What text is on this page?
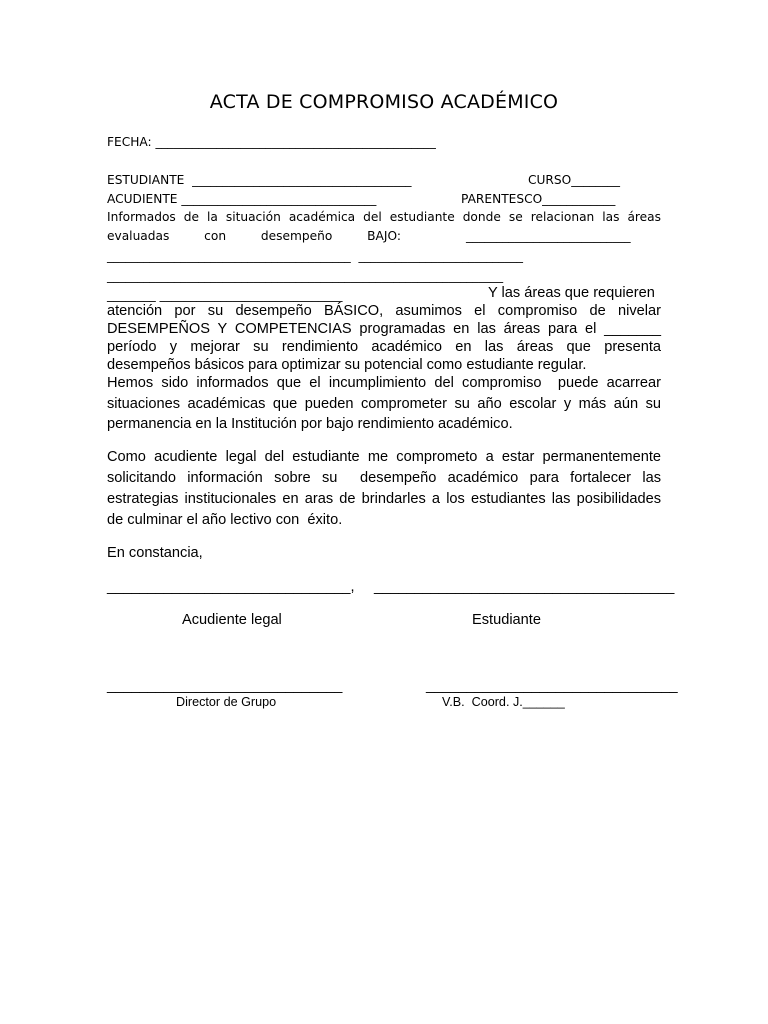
ACTA DE COMPROMISO ACADÉMICO
FECHA: ______________________________________________
ESTUDIANTE  ____________________________________	CURSO________
ACUDIENTE ________________________________	PARENTESCO____________
Informados de la situación académica del estudiante donde se relacionan las áreas
evaluadas         con         desempeño         BAJO:	___________________________
________________________________________  ___________________________
_________________________________________________________________
________ ______________________________	Y las áreas que requieren
atención por su desempeño BÁSICO, asumimos el compromiso de nivelar
DESEMPEÑOS Y COMPETENCIAS programadas en las áreas para el _______
período y mejorar su rendimiento académico en las áreas que presenta
desempeños básicos para optimizar su potencial como estudiante regular.
Hemos sido informados que el incumplimiento del compromiso  puede acarrear
situaciones académicas que pueden comprometer su año escolar y más aún su
permanencia en la Institución por bajo rendimiento académico.
Como acudiente legal del estudiante me comprometo a estar permanentemente
solicitando información sobre su  desempeño académico para fortalecer las
estrategias institucionales en aras de brindarles a los estudiantes las posibilidades
de culminar el año lectivo con  éxito.
En constancia,
______________________________, _____________________________________
Acudiente legal	Estudiante
_____________________________	_______________________________
Director de Grupo	V.B.  Coord. J.______
